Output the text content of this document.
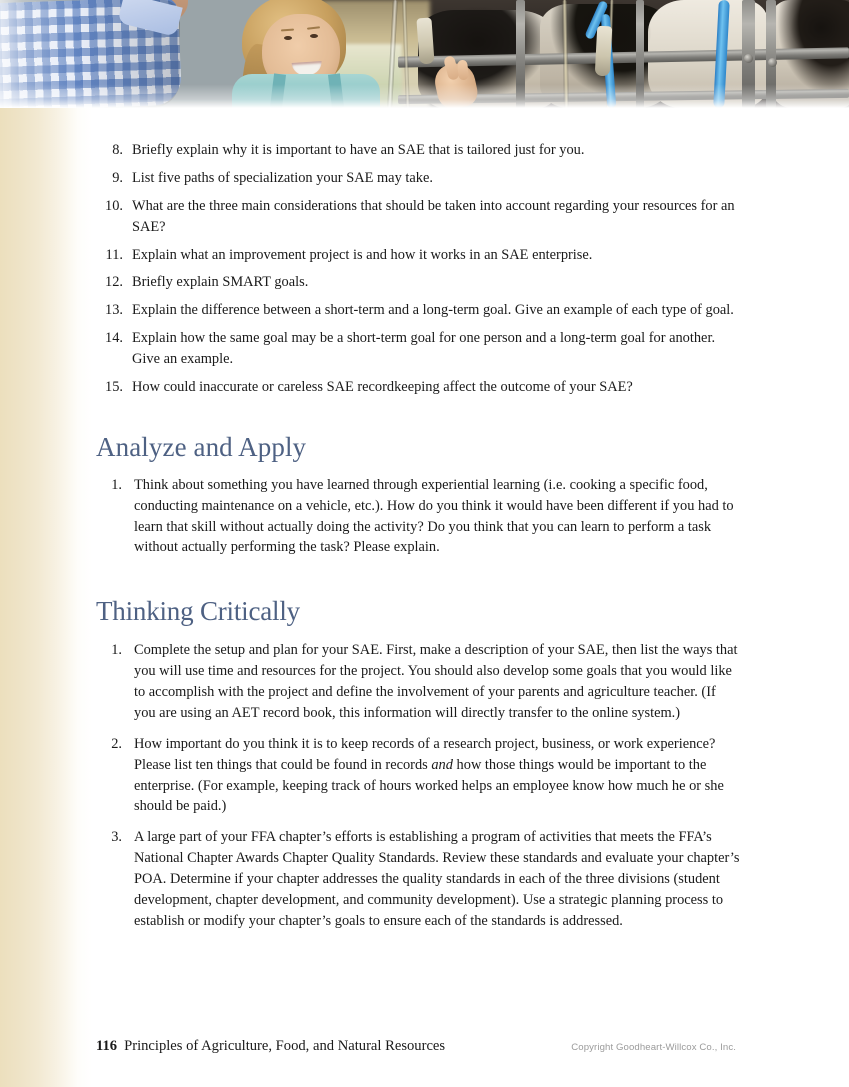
8. Briefly explain why it is important to have an SAE that is tailored just for you.
9. List five paths of specialization your SAE may take.
10. What are the three main considerations that should be taken into account regarding your resources for an SAE?
11. Explain what an improvement project is and how it works in an SAE enterprise.
12. Briefly explain SMART goals.
13. Explain the difference between a short-term and a long-term goal. Give an example of each type of goal.
14. Explain how the same goal may be a short-term goal for one person and a long-term goal for another. Give an example.
15. How could inaccurate or careless SAE recordkeeping affect the outcome of your SAE?
Analyze and Apply
1. Think about something you have learned through experiential learning (i.e. cooking a specific food, conducting maintenance on a vehicle, etc.). How do you think it would have been different if you had to learn that skill without actually doing the activity? Do you think that you can learn to perform a task without actually performing the task? Please explain.
Thinking Critically
1. Complete the setup and plan for your SAE. First, make a description of your SAE, then list the ways that you will use time and resources for the project. You should also develop some goals that you would like to accomplish with the project and define the involvement of your parents and agriculture teacher. (If you are using an AET record book, this information will directly transfer to the online system.)
2. How important do you think it is to keep records of a research project, business, or work experience? Please list ten things that could be found in records and how those things would be important to the enterprise. (For example, keeping track of hours worked helps an employee know how much he or she should be paid.)
3. A large part of your FFA chapter’s efforts is establishing a program of activities that meets the FFA’s National Chapter Awards Chapter Quality Standards. Review these standards and evaluate your chapter’s POA. Determine if your chapter addresses the quality standards in each of the three divisions (student development, chapter development, and community development). Use a strategic planning process to establish or modify your chapter’s goals to ensure each of the standards is addressed.
116 Principles of Agriculture, Food, and Natural Resources	Copyright Goodheart-Willcox Co., Inc.
